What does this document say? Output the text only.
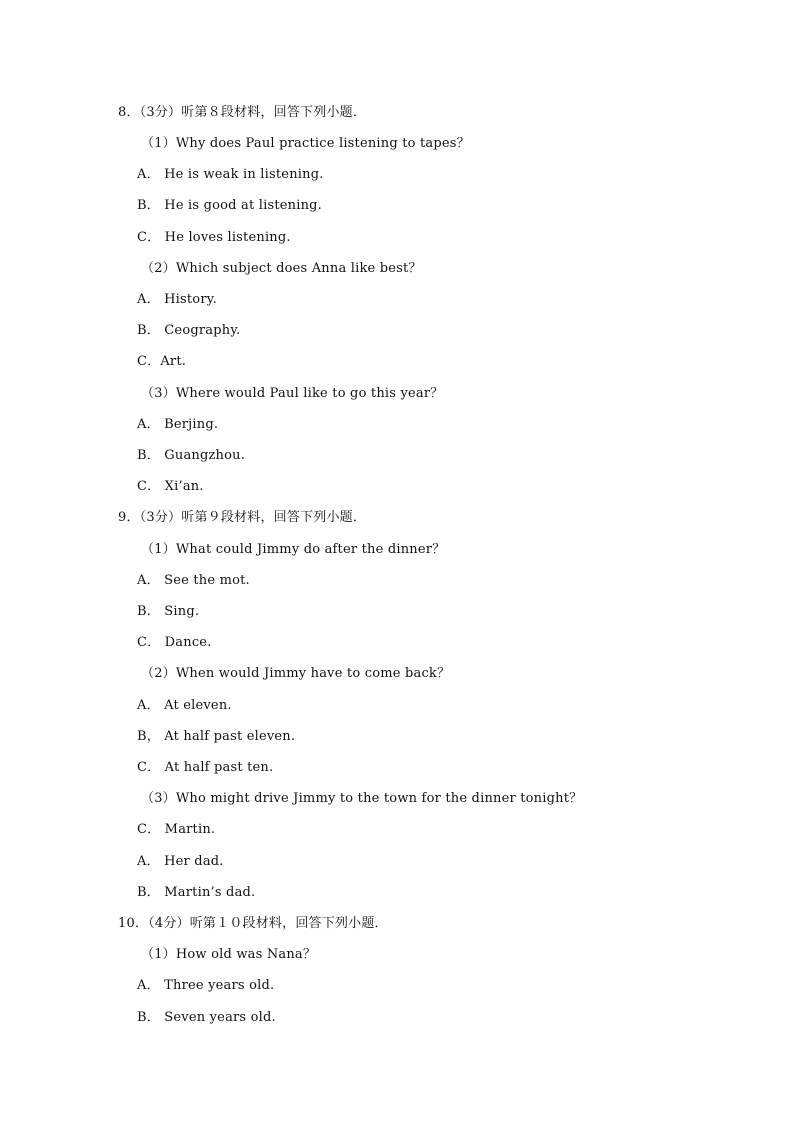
8．（3分）听第８段材料，回答下列小题．
（1）Why does Paul practice listening to tapes？
A． He is weak in listening.
B． He is good at listening.
C． He loves listening.
（2）Which subject does Anna like best？
A． History.
B． Ceography.
C．Art.
（3）Where would Paul like to go this year？
A． Berjing.
B． Guangzhou.
C． Xi’an.
9．（3分）听第９段材料，回答下列小题．
（1）What could Jimmy do after the dinner？
A． See the mot.
B． Sing.
C． Dance.
（2）When would Jimmy have to come back？
A． At eleven.
B， At half past eleven.
C． At half past ten.
（3）Who might drive Jimmy to the town for the dinner tonight？
C． Martin.
A． Her dad.
B． Martin’s dad.
10．（4分）听第１０段材料，回答下列小题．
（1）How old was Nana？
A． Three years old.
B． Seven years old.
